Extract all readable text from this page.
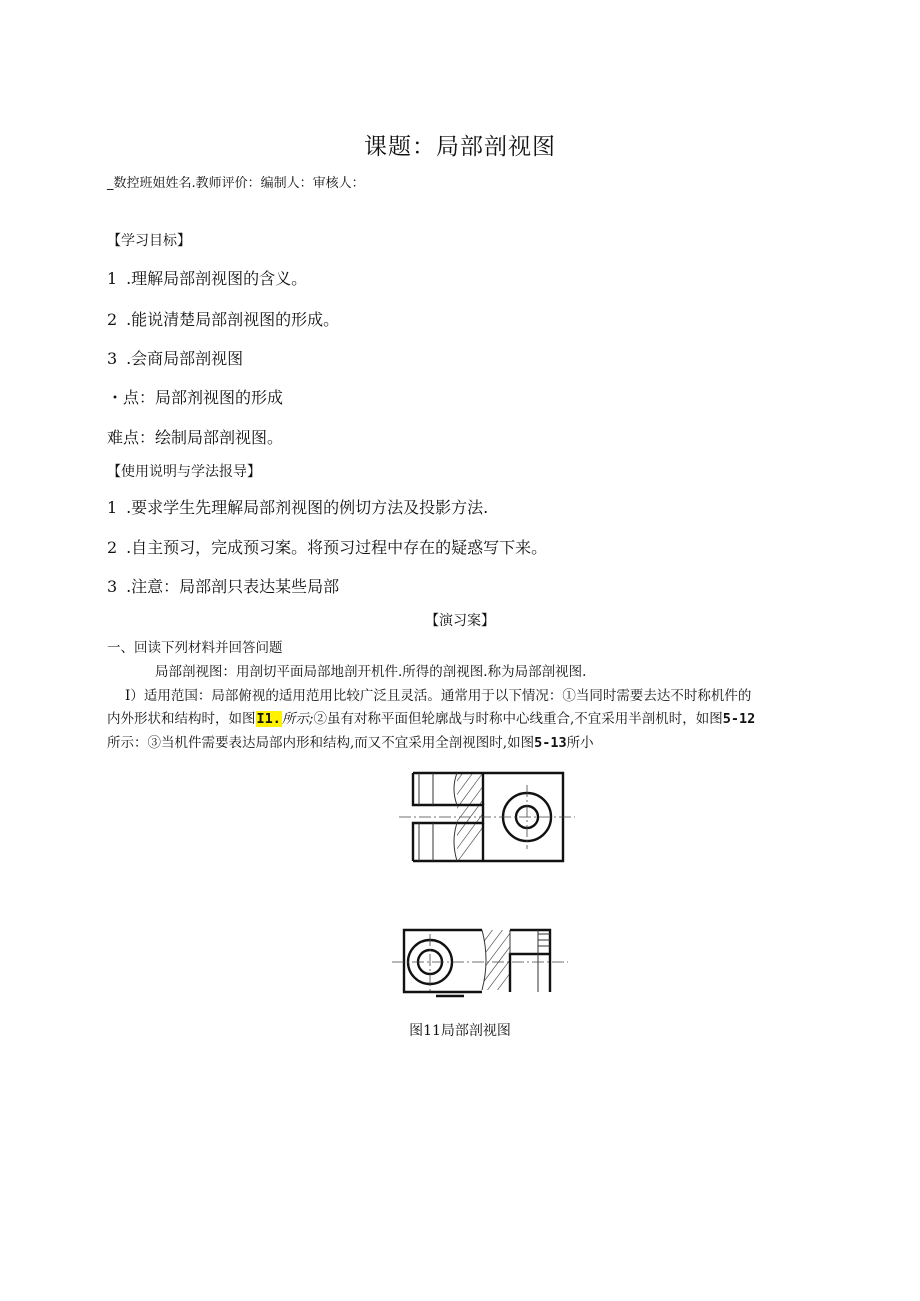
课题：局部剖视图
_数控班姐姓名.教师评价：编制人：审核人：
【学习目标】
1 .理解局部剖视图的含义。
2 .能说清楚局部剖视图的形成。
3 .会商局部剖视图
・点：局部剂视图的形成
难点：绘制局部剖视图。
【使用说明与学法报导】
1 .要求学生先理解局部剂视图的例切方法及投影方法.
2 .自主预习，完成预习案。将预习过程中存在的疑惑写下来。
3 .注意：局部剖只表达某些局部
【演习案】
一、回读下列材料并回答问题
局部剖视图：用剖切平面局部地剖开机件.所得的剖视图.称为局部剖视图.
I）适用范国：局部俯视的适用范用比较广泛且灵活。通常用于以下情况：①当同时需要去达不时称机件的
内外形状和结构时，如图I1.所示;②虽有对称平面但轮廓战与时称中心线重合,不宜采用半剖机时，如图5-12
所示：③当机件需要表达局部内形和结构,而又不宜采用全剖视图时,如图5-13所小
图11局部剖视图
